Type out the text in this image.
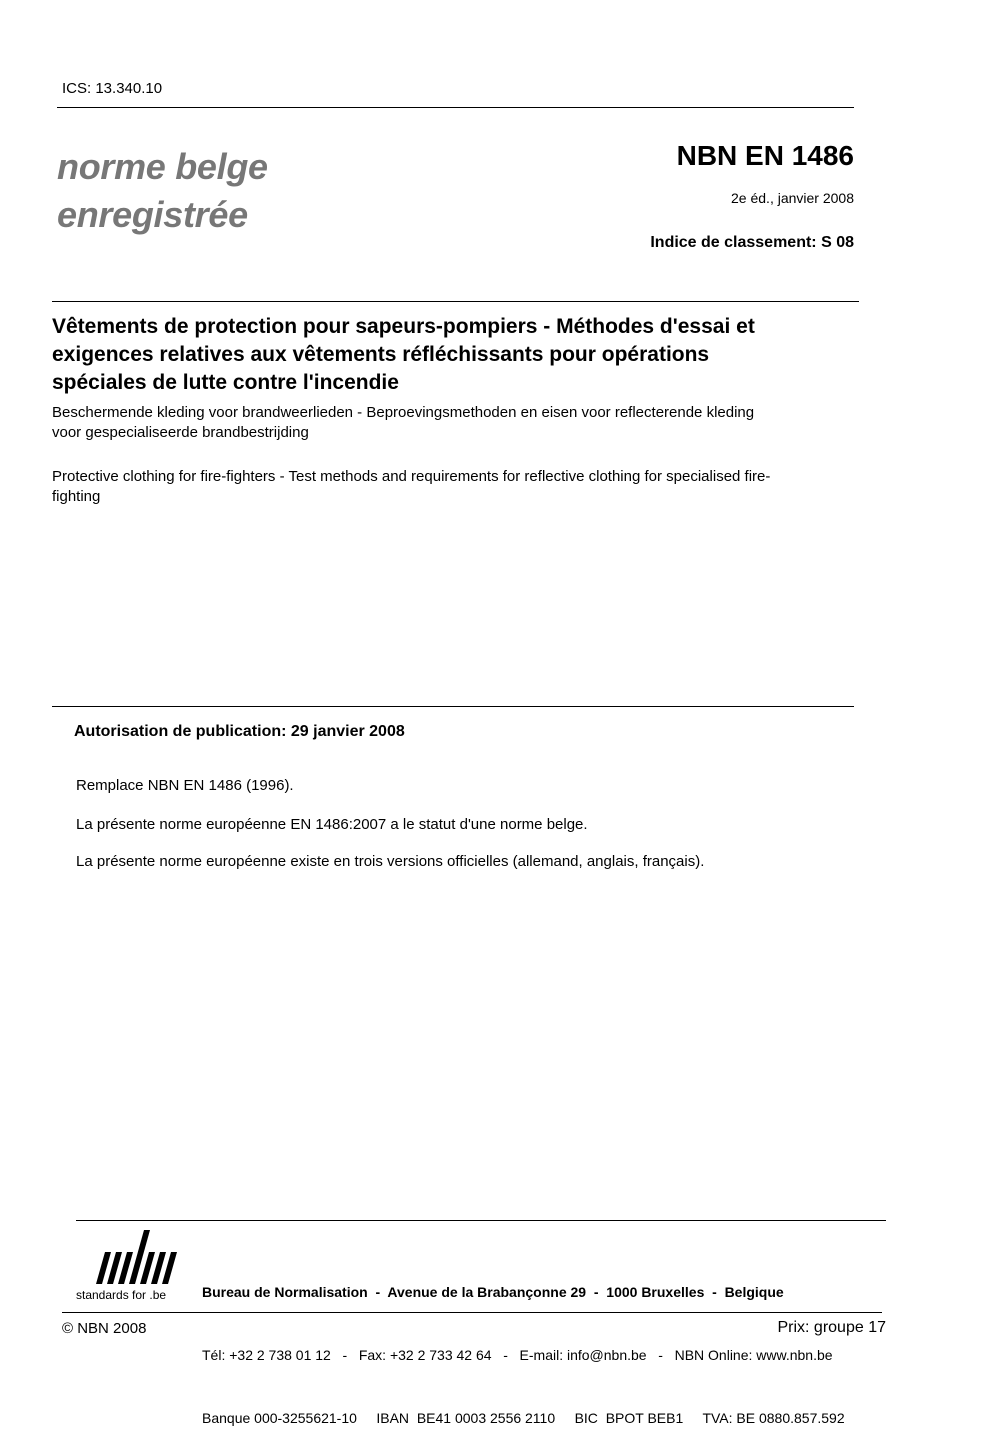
ICS: 13.340.10
norme belge
enregistrée
NBN EN 1486
2e éd., janvier 2008
Indice de classement: S 08
Vêtements de protection pour sapeurs-pompiers - Méthodes d'essai et
exigences relatives aux vêtements réfléchissants pour opérations
spéciales de lutte contre l'incendie
Beschermende kleding voor brandweerlieden - Beproevingsmethoden en eisen voor reflecterende kleding
voor gespecialiseerde brandbestrijding
Protective clothing for fire-fighters - Test methods and requirements for reflective clothing for specialised fire-
fighting
Autorisation de publication: 29 janvier 2008
Remplace NBN EN 1486 (1996).
La présente norme européenne EN 1486:2007 a le statut d'une norme belge.
La présente norme européenne existe en trois versions officielles (allemand, anglais, français).
standards for .be

	Bureau de Normalisation  -  Avenue de la Brabançonne 29  -  1000 Bruxelles  -  Belgique

Tél: +32 2 738 01 12   -   Fax: +32 2 733 42 64   -   E-mail: info@nbn.be   -   NBN Online: www.nbn.be

Banque 000-3255621-10     IBAN  BE41 0003 2556 2110     BIC  BPOT BEB1     TVA: BE 0880.857.592

© NBN 2008	Prix: groupe 17
